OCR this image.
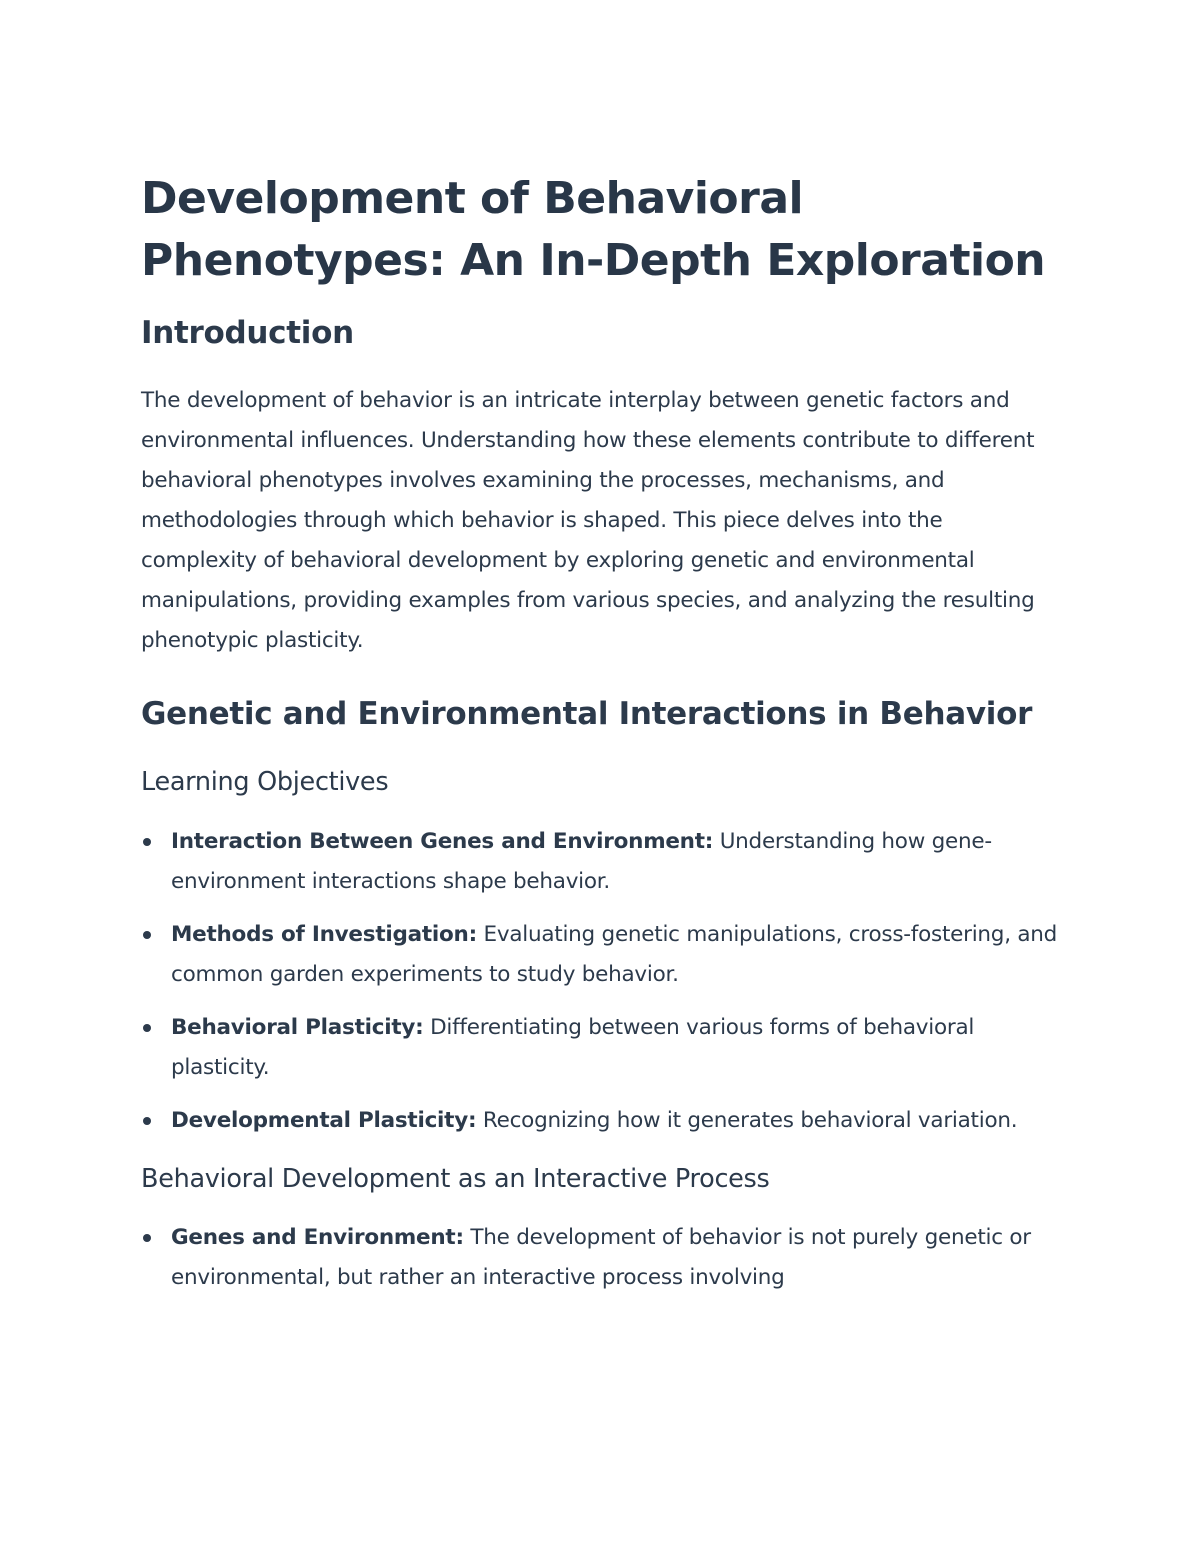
Development of Behavioral Phenotypes: An In-Depth Exploration
Introduction

The development of behavior is an intricate interplay between genetic factors and environmental influences. Understanding how these elements contribute to different behavioral phenotypes involves examining the processes, mechanisms, and methodologies through which behavior is shaped. This piece delves into the complexity of behavioral development by exploring genetic and environmental manipulations, providing examples from various species, and analyzing the resulting phenotypic plasticity.

Genetic and Environmental Interactions in Behavior
Learning Objectives
Interaction Between Genes and Environment: Understanding how gene-environment interactions shape behavior.
Methods of Investigation: Evaluating genetic manipulations, cross-fostering, and common garden experiments to study behavior.
Behavioral Plasticity: Differentiating between various forms of behavioral plasticity.
Developmental Plasticity: Recognizing how it generates behavioral variation.
Behavioral Development as an Interactive Process
Genes and Environment: The development of behavior is not purely genetic or environmental, but rather an interactive process involving
